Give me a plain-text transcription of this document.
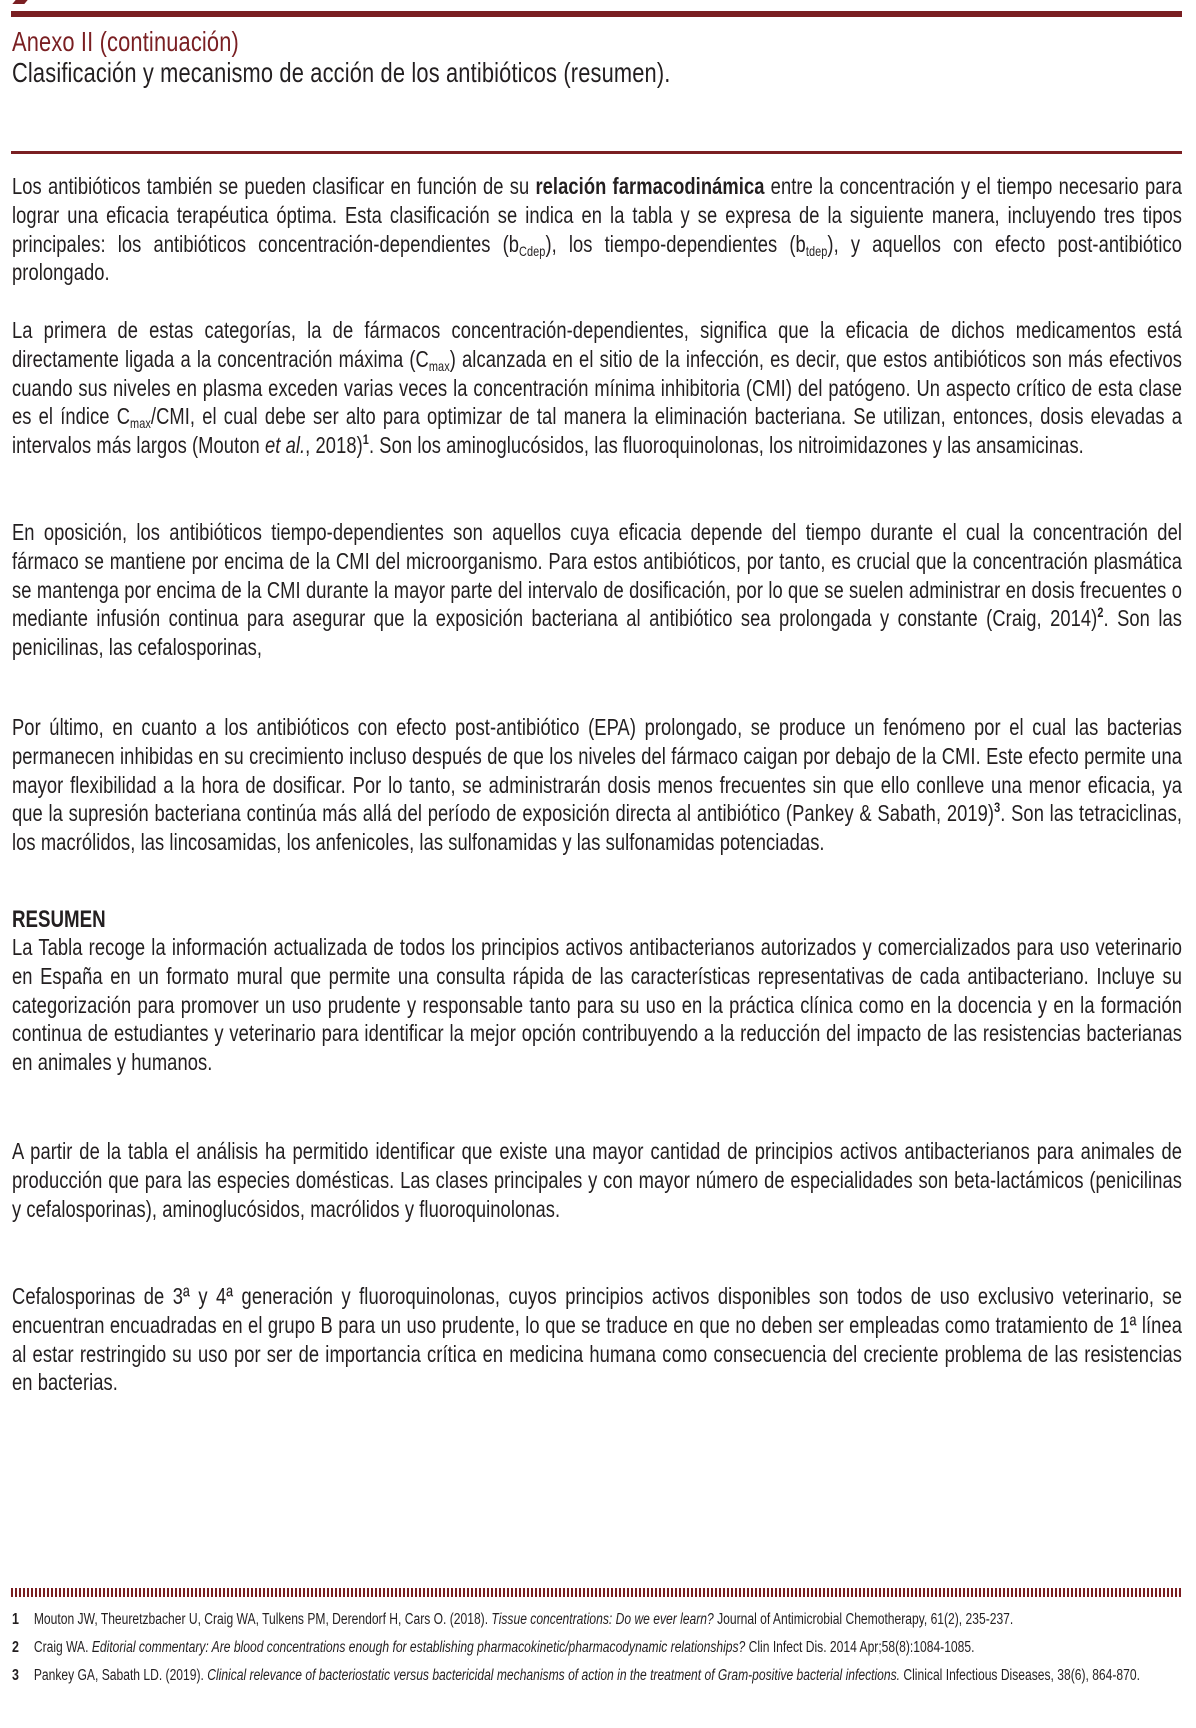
Anexo II (continuación)
Clasificación y mecanismo de acción de los antibióticos (resumen).

Los antibióticos también se pueden clasificar en función de su relación farmacodinámica entre la concentración y el tiempo necesario para lograr una eficacia terapéutica óptima. Esta clasificación se indica en la tabla y se expresa de la siguiente manera, incluyendo tres tipos principales: los antibióticos concentración-dependientes $(b_{Cdep})$, los tiempo-dependientes $(b_{tdep})$, y aquellos con efecto post-antibiótico prolongado.

La primera de estas categorías, la de fármacos concentración-dependientes, significa que la eficacia de dichos medicamentos está directamente ligada a la concentración máxima $(C_{max})$ alcanzada en el sitio de la infección, es decir, que estos antibióticos son más efectivos cuando sus niveles en plasma exceden varias veces la concentración mínima inhibitoria (CMI) del patógeno. Un aspecto crítico de esta clase es el índice $C_{max}$/CMI, el cual debe ser alto para optimizar de tal manera la eliminación bacteriana. Se utilizan, entonces, dosis elevadas a intervalos más largos (Mouton et al., 2018)$^1$. Son los aminoglucósidos, las fluoroquinolonas, los nitroimidazones y las ansamicinas.

En oposición, los antibióticos tiempo-dependientes son aquellos cuya eficacia depende del tiempo durante el cual la concentración del fármaco se mantiene por encima de la CMI del microorganismo. Para estos antibióticos, por tanto, es crucial que la concentración plasmática se mantenga por encima de la CMI durante la mayor parte del intervalo de dosificación, por lo que se suelen administrar en dosis frecuentes o mediante infusión continua para asegurar que la exposición bacteriana al antibiótico sea prolongada y constante (Craig, 2014)$^2$. Son las penicilinas, las cefalosporinas,

Por último, en cuanto a los antibióticos con efecto post-antibiótico (EPA) prolongado, se produce un fenómeno por el cual las bacterias permanecen inhibidas en su crecimiento incluso después de que los niveles del fármaco caigan por debajo de la CMI. Este efecto permite una mayor flexibilidad a la hora de dosificar. Por lo tanto, se administrarán dosis menos frecuentes sin que ello conlleve una menor eficacia, ya que la supresión bacteriana continúa más allá del período de exposición directa al antibiótico (Pankey & Sabath, 2019)$^3$. Son las tetraciclinas, los macrólidos, las lincosamidas, los anfenicoles, las sulfonamidas y las sulfonamidas potenciadas.

RESUMEN

La Tabla recoge la información actualizada de todos los principios activos antibacterianos autorizados y comercializados para uso veterinario en España en un formato mural que permite una consulta rápida de las características representativas de cada antibacteriano. Incluye su categorización para promover un uso prudente y responsable tanto para su uso en la práctica clínica como en la docencia y en la formación continua de estudiantes y veterinario para identificar la mejor opción contribuyendo a la reducción del impacto de las resistencias bacterianas en animales y humanos.

A partir de la tabla el análisis ha permitido identificar que existe una mayor cantidad de principios activos antibacterianos para animales de producción que para las especies domésticas. Las clases principales y con mayor número de especialidades son beta-lactámicos (penicilinas y cefalosporinas), aminoglucósidos, macrólidos y fluoroquinolonas.

Cefalosporinas de 3ª y 4ª generación y fluoroquinolonas, cuyos principios activos disponibles son todos de uso exclusivo veterinario, se encuentran encuadradas en el grupo B para un uso prudente, lo que se traduce en que no deben ser empleadas como tratamiento de 1ª línea al estar restringido su uso por ser de importancia crítica en medicina humana como consecuencia del creciente problema de las resistencias en bacterias.

1 Mouton JW, Theuretzbacher U, Craig WA, Tulkens PM, Derendorf H, Cars O. (2018). Tissue concentrations: Do we ever learn? Journal of Antimicrobial Chemotherapy, 61(2), 235-237.
2 Craig WA. Editorial commentary: Are blood concentrations enough for establishing pharmacokinetic/pharmacodynamic relationships? Clin Infect Dis. 2014 Apr;58(8):1084-1085.
3 Pankey GA, Sabath LD. (2019). Clinical relevance of bacteriostatic versus bactericidal mechanisms of action in the treatment of Gram-positive bacterial infections. Clinical Infectious Diseases, 38(6), 864-870.
